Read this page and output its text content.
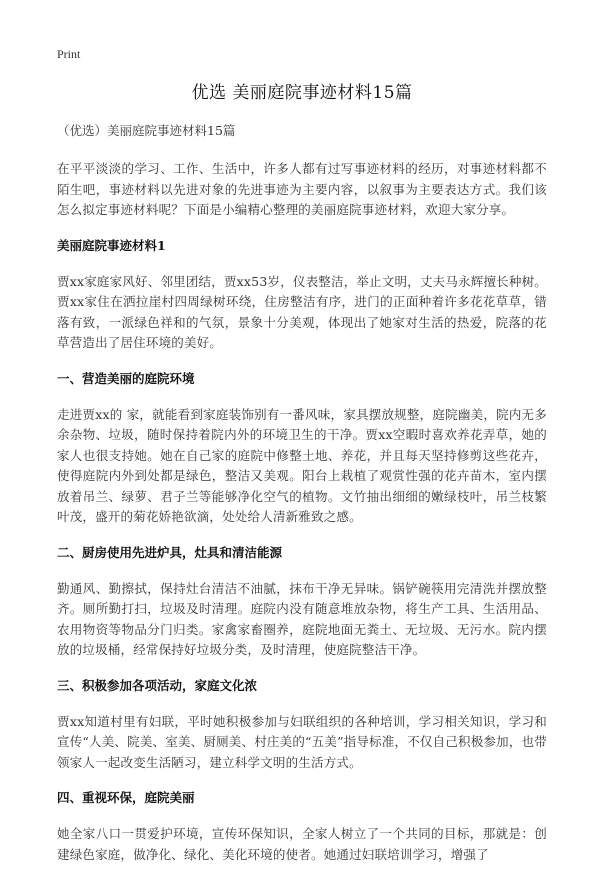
Print
优选 美丽庭院事迹材料15篇

（优选）美丽庭院事迹材料15篇

在平平淡淡的学习、工作、生活中，许多人都有过写事迹材料的经历，对事迹材料都不陌生吧，事迹材料以先进对象的先进事迹为主要内容，以叙事为主要表达方式。我们该怎么拟定事迹材料呢？下面是小编精心整理的美丽庭院事迹材料，欢迎大家分享。

美丽庭院事迹材料1

贾xx家庭家风好、邻里团结，贾xx53岁，仪表整洁，举止文明，丈夫马永辉擅长种树。贾xx家住在洒拉崖村四周绿树环绕，住房整洁有序，进门的正面种着许多花花草草，错落有致，一派绿色祥和的气氛，景象十分美观，体现出了她家对生活的热爱，院落的花草营造出了居住环境的美好。

一、营造美丽的庭院环境

走进贾xx的 家，就能看到家庭装饰别有一番风味，家具摆放规整，庭院幽美，院内无多余杂物、垃圾，随时保持着院内外的环境卫生的干净。贾xx空暇时喜欢养花弄草，她的家人也很支持她。她在自己家的庭院中修整土地、养花，并且每天坚持修剪这些花卉，使得庭院内外到处都是绿色，整洁又美观。阳台上栽植了观赏性强的花卉苗木，室内摆放着吊兰、绿萝、君子兰等能够净化空气的植物。文竹抽出细细的嫩绿枝叶，吊兰枝繁叶茂，盛开的菊花娇艳欲滴，处处给人清新雅致之感。

二、厨房使用先进炉具，灶具和清洁能源

勤通风、勤擦拭，保持灶台清洁不油腻，抹布干净无异味。锅铲碗筷用完清洗并摆放整齐。厕所勤打扫，垃圾及时清理。庭院内没有随意堆放杂物，将生产工具、生活用品、农用物资等物品分门归类。家禽家畜圈养，庭院地面无粪土、无垃圾、无污水。院内摆放的垃圾桶，经常保持好垃圾分类，及时清理，使庭院整洁干净。

三、积极参加各项活动，家庭文化浓

贾xx知道村里有妇联，平时她积极参加与妇联组织的各种培训，学习相关知识，学习和宣传“人美、院美、室美、厨厕美、村庄美的“五美”指导标准，不仅自己积极参加，也带领家人一起改变生活陋习，建立科学文明的生活方式。

四、重视环保，庭院美丽

她全家八口一贯爱护环境，宣传环保知识，全家人树立了一个共同的目标，那就是：创建绿色家庭，做净化、绿化、美化环境的使者。她通过妇联培训学习，增强了
